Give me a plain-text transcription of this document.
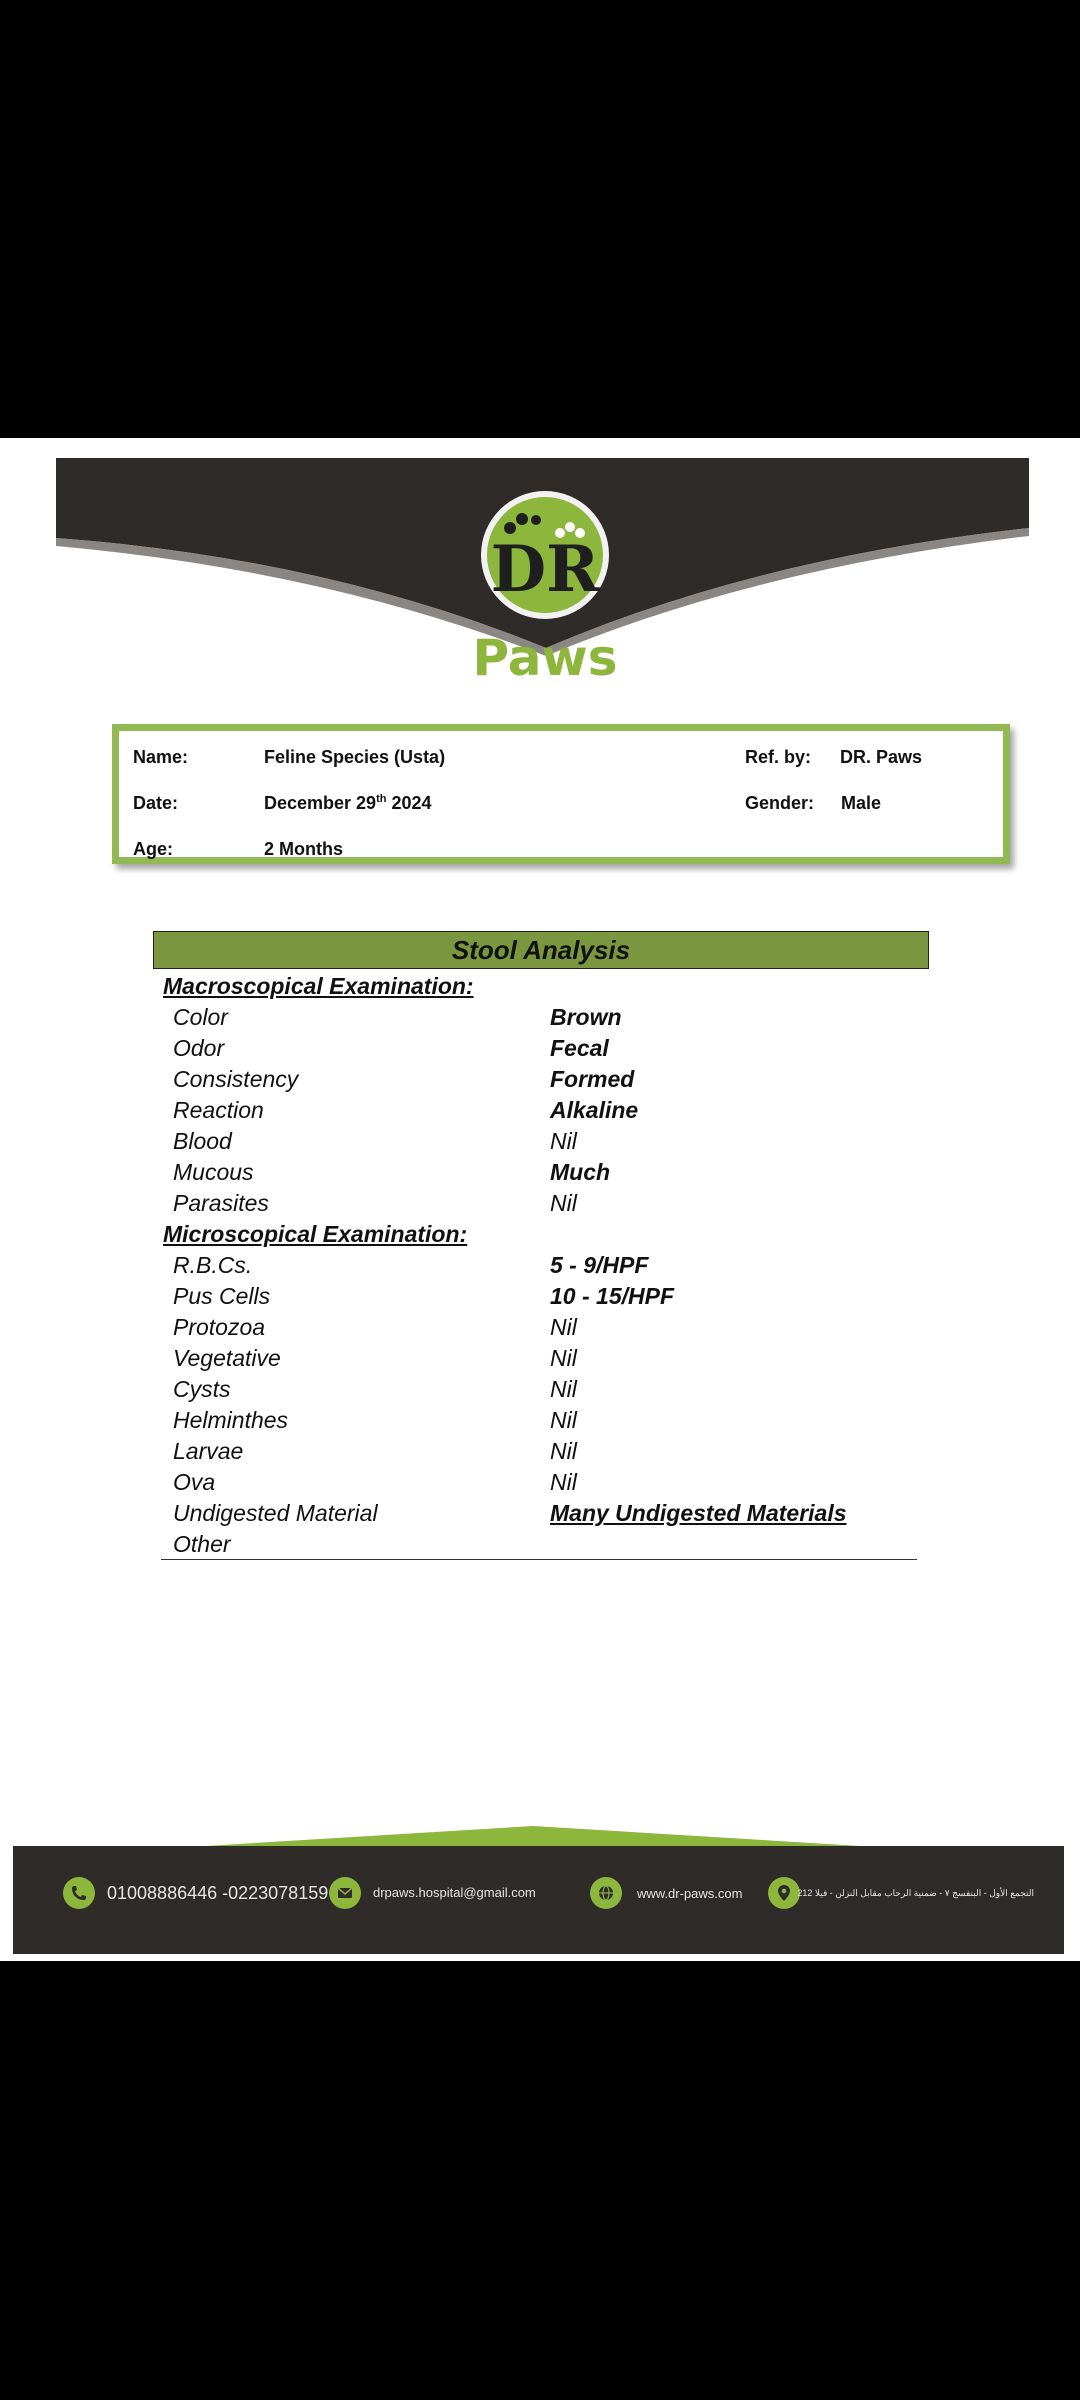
DR
Paws
Name:	Feline Species (Usta)	Ref. by: DR. Paws
Date:	December 29th 2024	Gender: Male
Age:	2 Months
Stool Analysis
Macroscopical Examination:
Color	Brown
Odor	Fecal
Consistency	Formed
Reaction	Alkaline
Blood	Nil
Mucous	Much
Parasites	Nil
Microscopical Examination:
R.B.Cs.	5 - 9/HPF
Pus Cells	10 - 15/HPF
Protozoa	Nil
Vegetative	Nil
Cysts	Nil
Helminthes	Nil
Larvae	Nil
Ova	Nil
Undigested Material	Many Undigested Materials
Other
01008886446 -0223078159	drpaws.hospital@gmail.com	www.dr-paws.com	التجمع الأول - البنفسج ٧ - ضمنية الرحاب مقابل النزلن - فيلا 212
